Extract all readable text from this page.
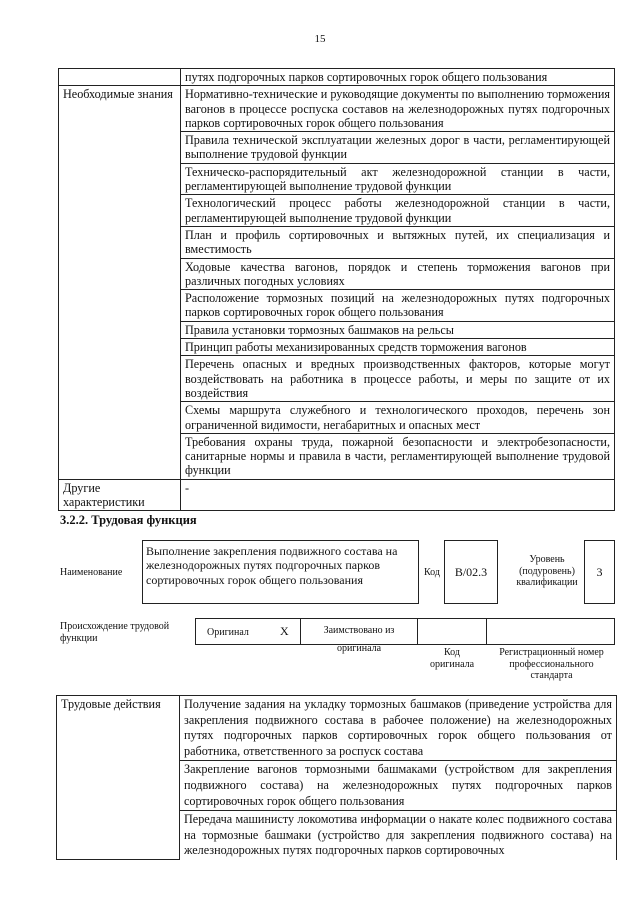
15
	путях подгорочных парков сортировочных горок общего пользования
Необходимые знания	Нормативно-технические и руководящие документы по выполнению торможения вагонов в процессе роспуска составов на железнодорожных путях подгорочных парков сортировочных горок общего пользования
	Правила технической эксплуатации железных дорог в части, регламентирующей выполнение трудовой функции
	Техническо-распорядительный акт железнодорожной станции в части, регламентирующей выполнение трудовой функции
	Технологический процесс работы железнодорожной станции в части, регламентирующей выполнение трудовой функции
	План и профиль сортировочных и вытяжных путей, их специализация и вместимость
	Ходовые качества вагонов, порядок и степень торможения вагонов при различных погодных условиях
	Расположение тормозных позиций на железнодорожных путях подгорочных парков сортировочных горок общего пользования
	Правила установки тормозных башмаков на рельсы
	Принцип работы механизированных средств торможения вагонов
	Перечень опасных и вредных производственных факторов, которые могут воздействовать на работника в процессе работы, и меры по защите от их воздействия
	Схемы маршрута служебного и технологического проходов, перечень зон ограниченной видимости, негабаритных и опасных мест
	Требования охраны труда, пожарной безопасности и электробезопасности, санитарные нормы и правила в части, регламентирующей выполнение трудовой функции
Другие характеристики	-
3.2.2. Трудовая функция
Наименование
Выполнение закрепления подвижного состава на железнодорожных путях подгорочных парков сортировочных горок общего пользования
Код	B/02.3
Уровень (подуровень) квалификации
3
Происхождение трудовой функции	Оригинал	X	Заимствовано из оригинала	Код оригинала
Регистрационный номер профессионального стандарта
Трудовые действия	Получение задания на укладку тормозных башмаков (приведение устройства для закрепления подвижного состава в рабочее положение) на железнодорожных путях подгорочных парков сортировочных горок общего пользования от работника, ответственного за роспуск состава
Закрепление вагонов тормозными башмаками (устройством для закрепления подвижного состава) на железнодорожных путях подгорочных парков сортировочных горок общего пользования
Передача машинисту локомотива информации о накате колес подвижного состава на тормозные башмаки (устройство для закрепления подвижного состава) на железнодорожных путях подгорочных парков сортировочных
